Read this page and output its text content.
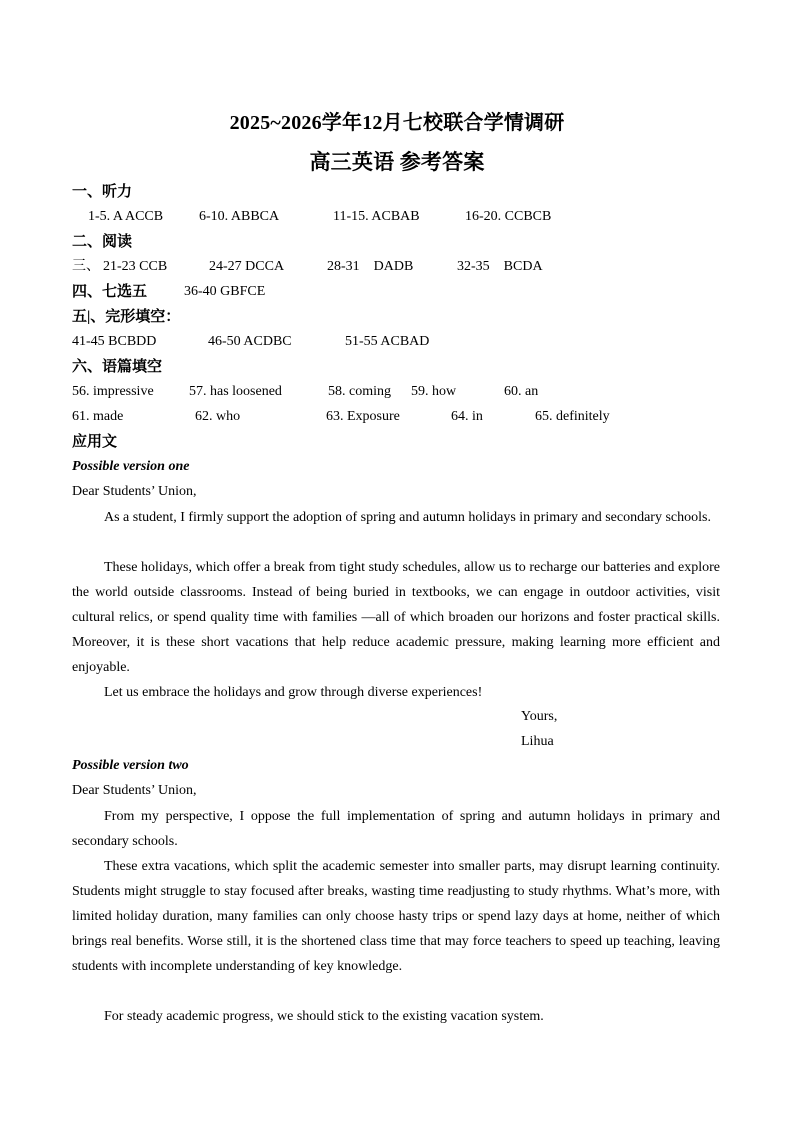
2025~2026学年12月七校联合学情调研
高三英语 参考答案
一、听力
1-5. A ACCB	6-10. ABBCA	11-15. ACBAB	16-20. CCBCB
二、阅读
三、 21-23 CCB	24-27 DCCA	28-31    DADB	32-35    BCDA
四、七选五	36-40 GBFCE
五|、完形填空：
41-45 BCBDD	46-50 ACDBC	51-55 ACBAD
六、语篇填空
56. impressive	57. has loosened	58. coming 59. how	60. an
61. made	62. who	63. Exposure	64. in	65. definitely
应用文
Possible version one
Dear Students’ Union,
As a student, I firmly support the adoption of spring and autumn holidays in primary and secondary schools.
These holidays, which offer a break from tight study schedules, allow us to recharge our batteries and explore the world outside classrooms. Instead of being buried in textbooks, we can engage in outdoor activities, visit cultural relics, or spend quality time with families —all of which broaden our horizons and foster practical skills. Moreover, it is these short vacations that help reduce academic pressure, making learning more efficient and enjoyable.
Let us embrace the holidays and grow through diverse experiences!
Yours,
Lihua
Possible version two
Dear Students’ Union,
From my perspective, I oppose the full implementation of spring and autumn holidays in primary and secondary schools.
These extra vacations, which split the academic semester into smaller parts, may disrupt learning continuity. Students might struggle to stay focused after breaks, wasting time readjusting to study rhythms. What’s more, with limited holiday duration, many families can only choose hasty trips or spend lazy days at home, neither of which brings real benefits. Worse still, it is the shortened class time that may force teachers to speed up teaching, leaving students with incomplete understanding of key knowledge.
For steady academic progress, we should stick to the existing vacation system.
